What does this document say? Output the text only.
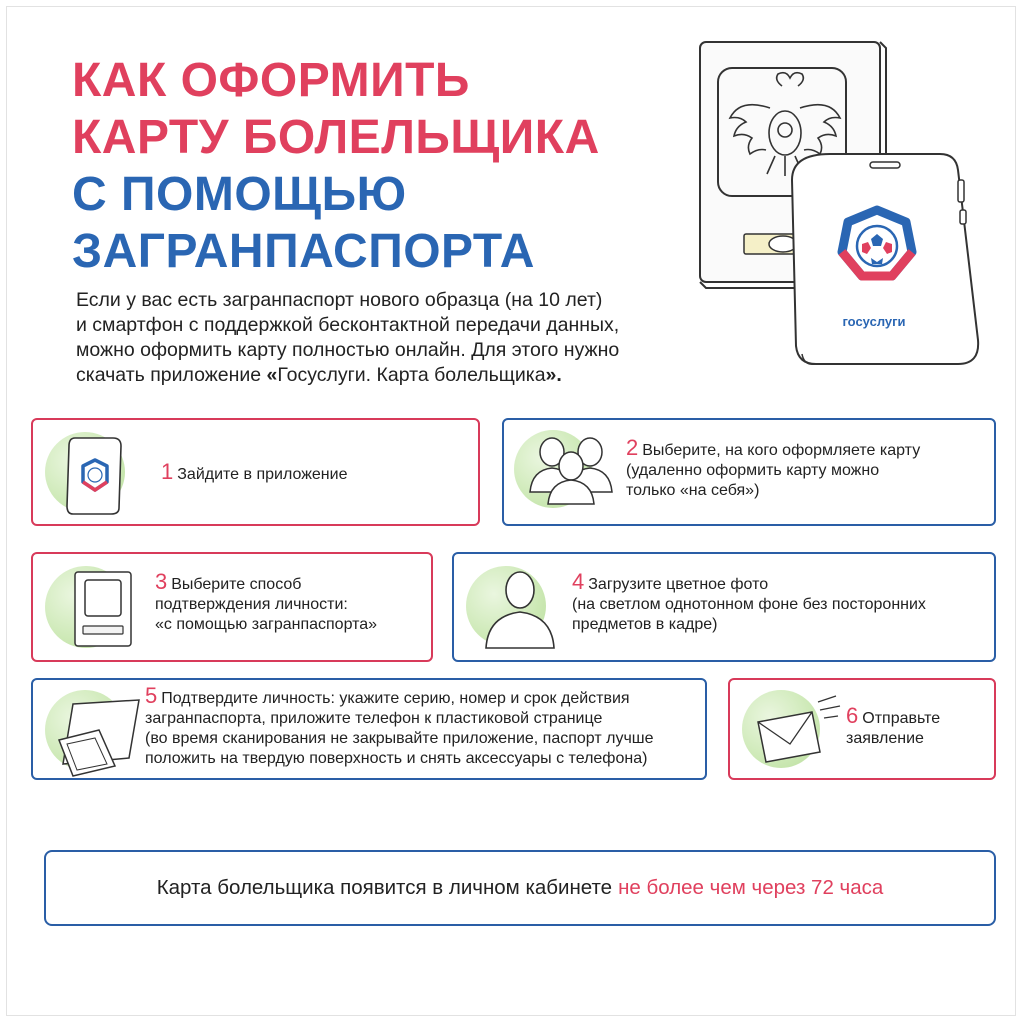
КАК ОФОРМИТЬ
КАРТУ БОЛЕЛЬЩИКА
С ПОМОЩЬЮ
ЗАГРАНПАСПОРТА
госуслуги

Если у вас есть загранпаспорт нового образца (на 10 лет)
и смартфон с поддержкой бесконтактной передачи данных,
можно оформить карту полностью онлайн. Для этого нужно
скачать приложение «Госуслуги. Карта болельщика».

1 Зайдите в приложение
2 Выберите, на кого оформляете карту
(удаленно оформить карту можно
только «на себя»)
3 Выберите способ
подтверждения личности:
«с помощью загранпаспорта»
4 Загрузите цветное фото
(на светлом однотонном фоне без посторонних
предметов в кадре)
5 Подтвердите личность: укажите серию, номер и срок действия
загранпаспорта, приложите телефон к пластиковой странице
(во время сканирования не закрывайте приложение, паспорт лучше
положить на твердую поверхность и снять аксессуары с телефона)
6 Отправьте
заявление
Карта болельщика появится в личном кабинете не более чем через 72 часа
